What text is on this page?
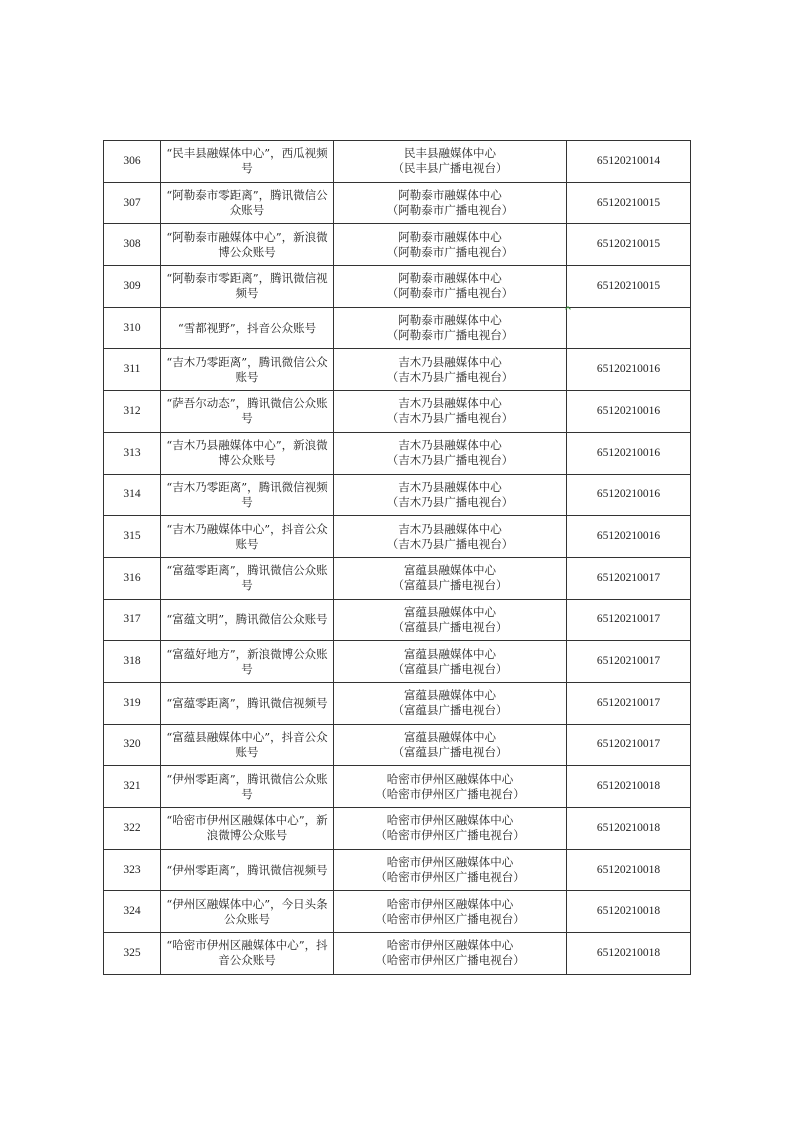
306	“民丰县融媒体中心”，西瓜视频号	民丰县融媒体中心
（民丰县广播电视台）	65120210014
307	“阿勒泰市零距离”，腾讯微信公众账号	阿勒泰市融媒体中心
（阿勒泰市广播电视台）	65120210015
308	“阿勒泰市融媒体中心”，新浪微博公众账号	阿勒泰市融媒体中心
（阿勒泰市广播电视台）	65120210015
309	“阿勒泰市零距离”，腾讯微信视频号	阿勒泰市融媒体中心
（阿勒泰市广播电视台）	65120210015
310	“雪都视野”，抖音公众账号	阿勒泰市融媒体中心
（阿勒泰市广播电视台）	

311	“吉木乃零距离”，腾讯微信公众账号	吉木乃县融媒体中心
（吉木乃县广播电视台）	65120210016
312	“萨吾尔动态”，腾讯微信公众账号	吉木乃县融媒体中心
（吉木乃县广播电视台）	65120210016
313	“吉木乃县融媒体中心”，新浪微博公众账号	吉木乃县融媒体中心
（吉木乃县广播电视台）	65120210016
314	“吉木乃零距离”，腾讯微信视频号	吉木乃县融媒体中心
（吉木乃县广播电视台）	65120210016
315	“吉木乃融媒体中心”，抖音公众账号	吉木乃县融媒体中心
（吉木乃县广播电视台）	65120210016
316	“富蕴零距离”，腾讯微信公众账号	富蕴县融媒体中心
（富蕴县广播电视台）	65120210017
317	“富蕴文明”，腾讯微信公众账号	富蕴县融媒体中心
（富蕴县广播电视台）	65120210017
318	“富蕴好地方”，新浪微博公众账号	富蕴县融媒体中心
（富蕴县广播电视台）	65120210017
319	“富蕴零距离”，腾讯微信视频号	富蕴县融媒体中心
（富蕴县广播电视台）	65120210017
320	“富蕴县融媒体中心”，抖音公众账号	富蕴县融媒体中心
（富蕴县广播电视台）	65120210017
321	“伊州零距离”，腾讯微信公众账号	哈密市伊州区融媒体中心
（哈密市伊州区广播电视台）	65120210018
322	“哈密市伊州区融媒体中心”，新浪微博公众账号	哈密市伊州区融媒体中心
（哈密市伊州区广播电视台）	65120210018
323	“伊州零距离”，腾讯微信视频号	哈密市伊州区融媒体中心
（哈密市伊州区广播电视台）	65120210018
324	“伊州区融媒体中心”，今日头条公众账号	哈密市伊州区融媒体中心
（哈密市伊州区广播电视台）	65120210018
325	“哈密市伊州区融媒体中心”，抖音公众账号	哈密市伊州区融媒体中心
（哈密市伊州区广播电视台）	65120210018
